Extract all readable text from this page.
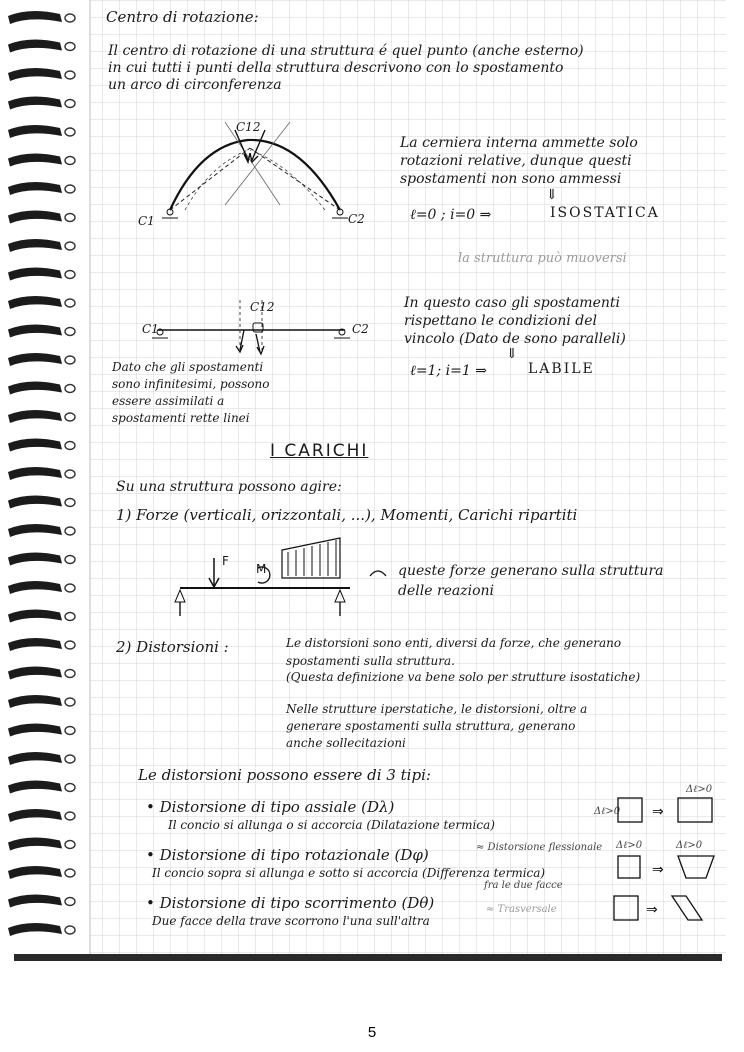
Centro di rotazione:
Il centro di rotazione di una struttura é quel punto (anche esterno)
in cui tutti i punti della struttura descrivono con lo spostamento
un arco di circonferenza
C12
C1	C2
La cerniera interna ammette solo
rotazioni relative, dunque questi
spostamenti non sono ammessi
⇓
ℓ=0 ; i=0 ⇒	ISOSTATICA
la struttura può muoversi
C12
C1	C2
Dato che gli spostamenti
sono infinitesimi, possono
essere assimilati a
spostamenti rette linei
In questo caso gli spostamenti
rispettano le condizioni del
vincolo (Dato de sono paralleli)
⇓
ℓ=1; i=1 ⇒	LABILE
I CARICHI
Su una struttura possono agire:
1) Forze (verticali, orizzontali, ...), Momenti, Carichi ripartiti
F
M	queste forze generano sulla struttura
delle reazioni
2) Distorsioni :	Le distorsioni sono enti, diversi da forze, che generano
spostamenti sulla struttura.
(Questa definizione va bene solo per strutture isostatiche)
Nelle strutture iperstatiche, le distorsioni, oltre a
generare spostamenti sulla struttura, generano
anche sollecitazioni
Le distorsioni possono essere di 3 tipi:
• Distorsione di tipo assiale (Dλ)
Il concio si allunga o si accorcia (Dilatazione termica)
Δℓ>0
Δℓ>0
⇒
• Distorsione di tipo rotazionale (Dφ)	≈ Distorsione flessionale
Il concio sopra si allunga e sotto si accorcia (Differenza termica)
fra le due facce
Δℓ>0	Δℓ>0
⇒
• Distorsione di tipo scorrimento (Dθ)	≈ Trasversale
Due facce della trave scorrono l'una sull'altra
⇒
5
